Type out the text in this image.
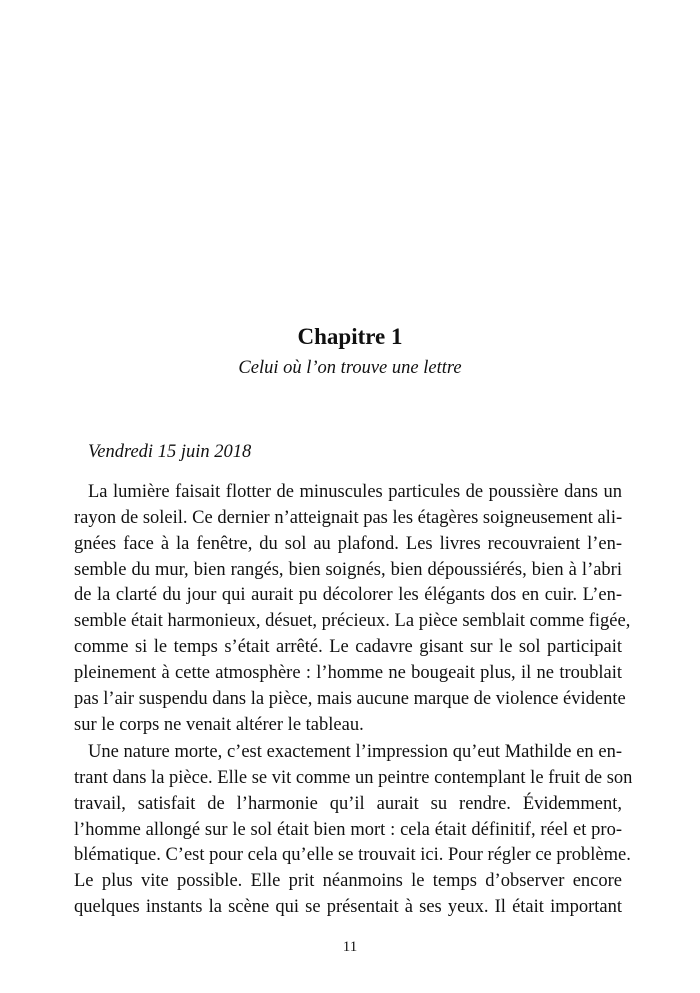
Chapitre 1

Celui où l’on trouve une lettre

Vendredi 15 juin 2018

La lumière faisait flotter de minuscules particules de poussière dans un
rayon de soleil. Ce dernier n’atteignait pas les étagères soigneusement ali-
gnées face à la fenêtre, du sol au plafond. Les livres recouvraient l’en-
semble du mur, bien rangés, bien soignés, bien dépoussiérés, bien à l’abri
de la clarté du jour qui aurait pu décolorer les élégants dos en cuir. L’en-
semble était harmonieux, désuet, précieux. La pièce semblait comme figée,
comme si le temps s’était arrêté. Le cadavre gisant sur le sol participait
pleinement à cette atmosphère : l’homme ne bougeait plus, il ne troublait
pas l’air suspendu dans la pièce, mais aucune marque de violence évidente
sur le corps ne venait altérer le tableau.
Une nature morte, c’est exactement l’impression qu’eut Mathilde en en-
trant dans la pièce. Elle se vit comme un peintre contemplant le fruit de son
travail, satisfait de l’harmonie qu’il aurait su rendre. Évidemment,
l’homme allongé sur le sol était bien mort : cela était définitif, réel et pro-
blématique. C’est pour cela qu’elle se trouvait ici. Pour régler ce problème.
Le plus vite possible. Elle prit néanmoins le temps d’observer encore
quelques instants la scène qui se présentait à ses yeux. Il était important
11
